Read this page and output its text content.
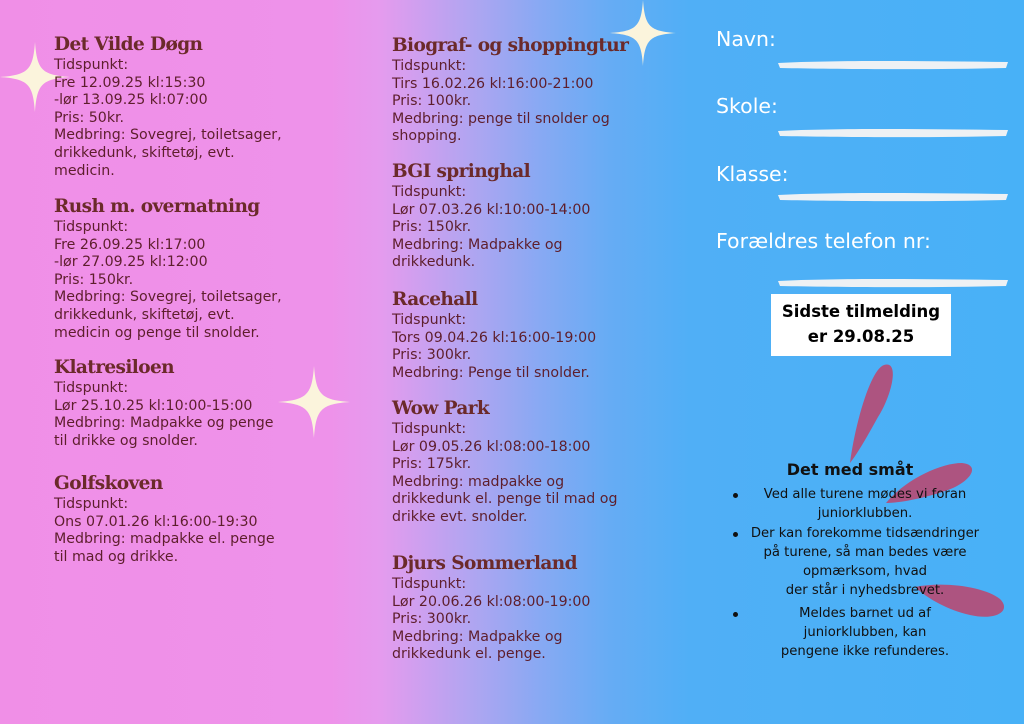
Det Vilde Døgn
Tidspunkt:
Fre 12.09.25 kl:15:30
-lør 13.09.25 kl:07:00
Pris: 50kr.
Medbring: Sovegrej, toiletsager,
drikkedunk, skiftetøj, evt.
medicin.
Rush m. overnatning
Tidspunkt:
Fre 26.09.25 kl:17:00
-lør 27.09.25 kl:12:00
Pris: 150kr.
Medbring: Sovegrej, toiletsager,
drikkedunk, skiftetøj, evt.
medicin og penge til snolder.
Klatresiloen
Tidspunkt:
Lør 25.10.25 kl:10:00-15:00
Medbring: Madpakke og penge
til drikke og snolder.
Golfskoven
Tidspunkt:
Ons 07.01.26 kl:16:00-19:30
Medbring: madpakke el. penge
til mad og drikke.
Biograf- og shoppingtur
Tidspunkt:
Tirs 16.02.26 kl:16:00-21:00
Pris: 100kr.
Medbring: penge til snolder og
shopping.
BGI springhal
Tidspunkt:
Lør 07.03.26 kl:10:00-14:00
Pris: 150kr.
Medbring: Madpakke og
drikkedunk.
Racehall
Tidspunkt:
Tors 09.04.26 kl:16:00-19:00
Pris: 300kr.
Medbring: Penge til snolder.
Wow Park
Tidspunkt:
Lør 09.05.26 kl:08:00-18:00
Pris: 175kr.
Medbring: madpakke og
drikkedunk el. penge til mad og
drikke evt. snolder.
Djurs Sommerland
Tidspunkt:
Lør 20.06.26 kl:08:00-19:00
Pris: 300kr.
Medbring: Madpakke og
drikkedunk el. penge.
Navn:
Skole:
Klasse:
Forældres telefon nr:
Sidste tilmelding
er 29.08.25
Det med småt
Ved alle turene mødes vi foran
juniorklubben.
Der kan forekomme tidsændringer
på turene, så man bedes være
opmærksom, hvad
der står i nyhedsbrevet.
Meldes barnet ud af
juniorklubben, kan
pengene ikke refunderes.
